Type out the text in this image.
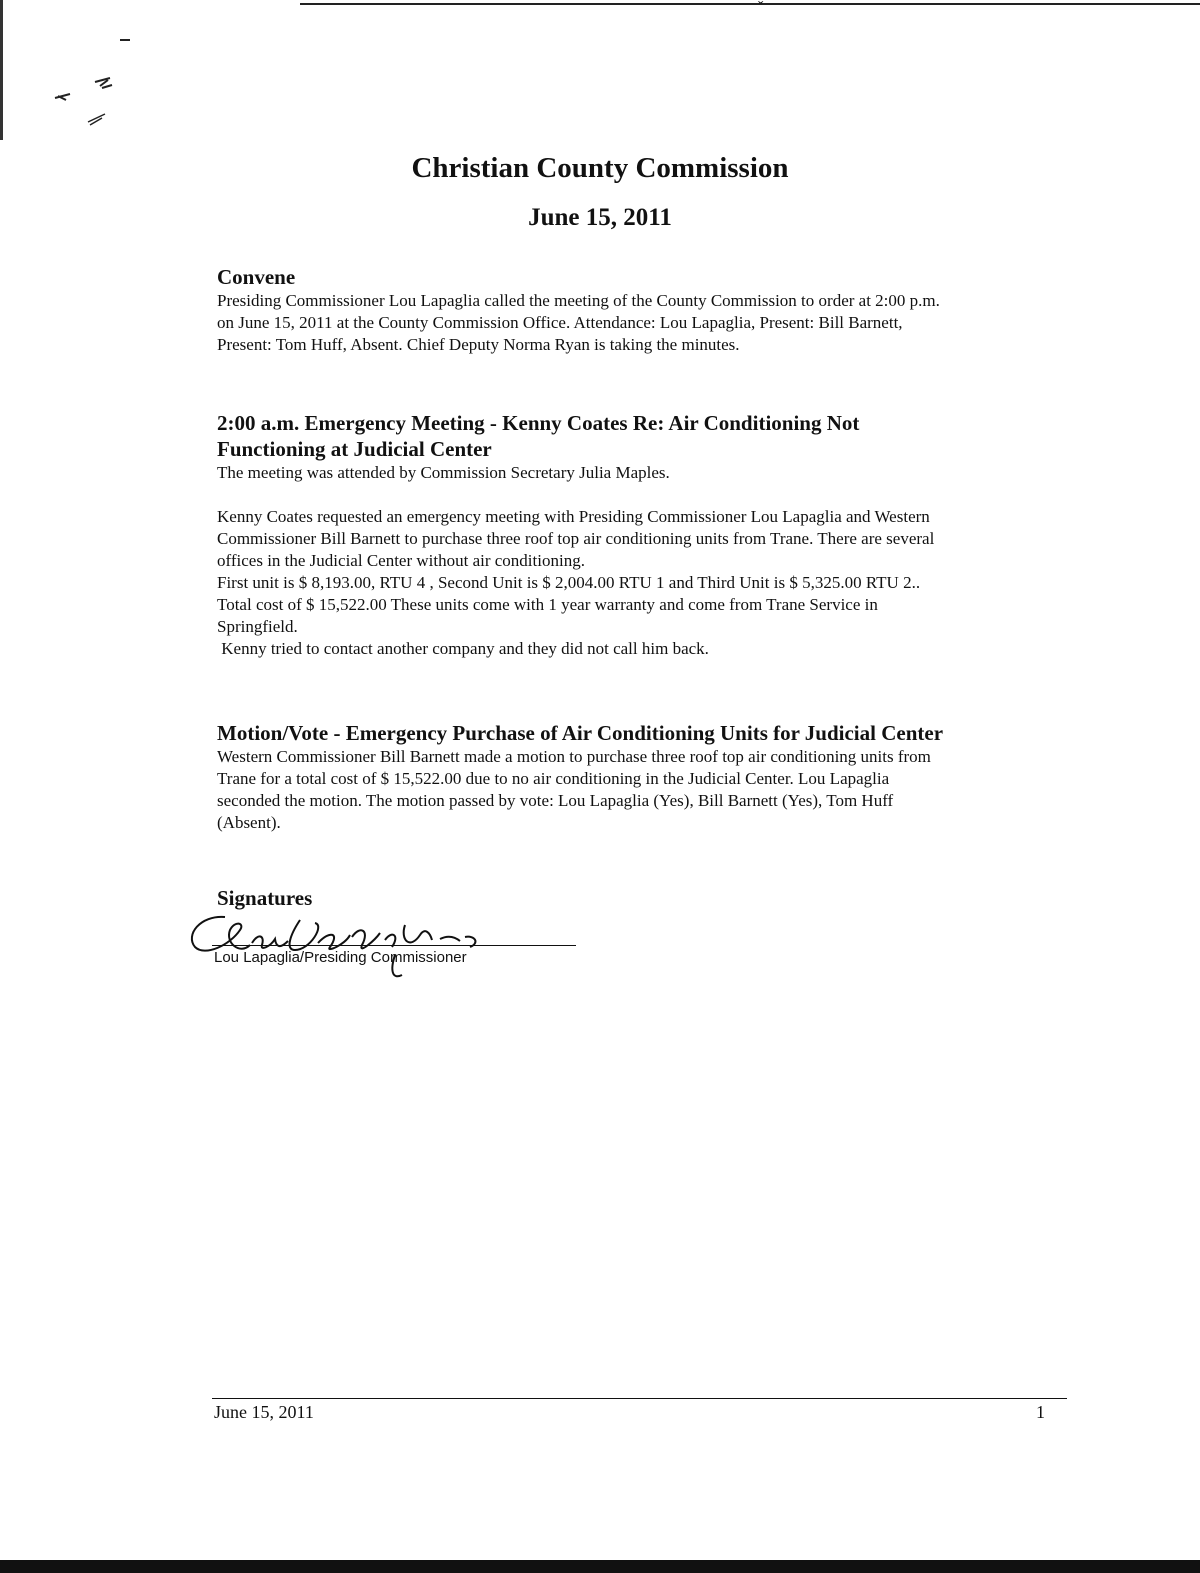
ˇ
Christian County Commission
June 15, 2011

Convene

Presiding Commissioner Lou Lapaglia called the meeting of the County Commission to order at 2:00 p.m.

on June 15, 2011 at the County Commission Office. Attendance: Lou Lapaglia, Present: Bill Barnett,

Present: Tom Huff, Absent. Chief Deputy Norma Ryan is taking the minutes.

2:00 a.m. Emergency Meeting - Kenny Coates Re: Air Conditioning Not

Functioning at Judicial Center

The meeting was attended by Commission Secretary Julia Maples.

Kenny Coates requested an emergency meeting with Presiding Commissioner Lou Lapaglia and Western

Commissioner Bill Barnett to purchase three roof top air conditioning units from Trane. There are several

offices in the Judicial Center without air conditioning.

First unit is $ 8,193.00, RTU 4 , Second Unit is $ 2,004.00 RTU 1 and Third Unit is $ 5,325.00 RTU 2..

Total cost of $ 15,522.00 These units come with 1 year warranty and come from Trane Service in

Springfield.

Kenny tried to contact another company and they did not call him back.

Motion/Vote - Emergency Purchase of Air Conditioning Units for Judicial Center

Western Commissioner Bill Barnett made a motion to purchase three roof top air conditioning units from

Trane for a total cost of $ 15,522.00 due to no air conditioning in the Judicial Center. Lou Lapaglia

seconded the motion. The motion passed by vote: Lou Lapaglia (Yes), Bill Barnett (Yes), Tom Huff

(Absent).

Signatures
Lou Lapaglia/Presiding Commissioner
June 15, 2011	1
